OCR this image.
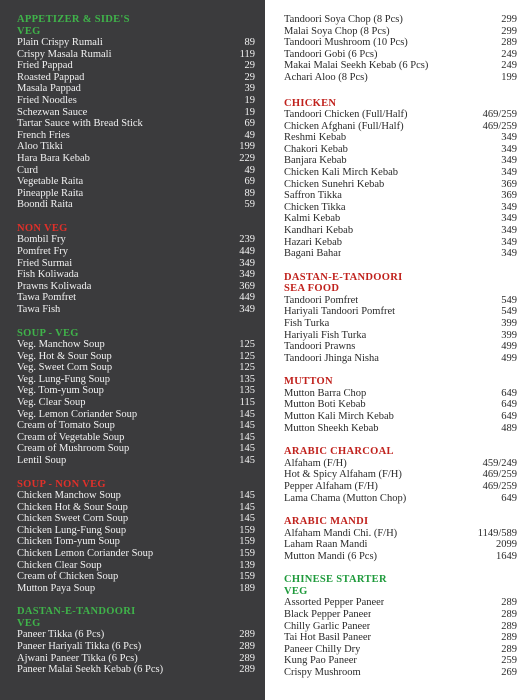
APPETIZER & SIDE'S
VEG
Plain Crispy Rumali	89
Crispy Masala Rumali	119
Fried Pappad	29
Roasted Pappad	29
Masala Pappad	39
Fried Noodles	19
Schezwan Sauce	19
Tartar Sauce with Bread Stick	69
French Fries	49
Aloo Tikki	199
Hara Bara Kebab	229
Curd	49
Vegetable Raita	69
Pineapple Raita	89
Boondi Raita	59
NON VEG
Bombil Fry	239
Pomfret Fry	449
Fried Surmai	349
Fish Koliwada	349
Prawns Koliwada	369
Tawa Pomfret	449
Tawa Fish	349
SOUP - VEG
Veg. Manchow Soup	125
Veg. Hot & Sour Soup	125
Veg. Sweet Corn Soup	125
Veg. Lung-Fung Soup	135
Veg. Tom-yum Soup	135
Veg. Clear Soup	115
Veg. Lemon Coriander Soup	145
Cream of Tomato Soup	145
Cream of Vegetable Soup	145
Cream of Mushroom Soup	145
Lentil Soup	145
SOUP - NON VEG
Chicken Manchow Soup	145
Chicken Hot & Sour Soup	145
Chicken Sweet Corn Soup	145
Chicken Lung-Fung Soup	159
Chicken Tom-yum Soup	159
Chicken Lemon Coriander Soup	159
Chicken Clear Soup	139
Cream of Chicken Soup	159
Mutton Paya Soup	189
DASTAN-E-TANDOORI
VEG
Paneer Tikka (6 Pcs)	289
Paneer Hariyali Tikka (6 Pcs)	289
Ajwani Paneer Tikka (6 Pcs)	289
Paneer Malai Seekh Kebab (6 Pcs)	289
Tandoori Soya Chop (8 Pcs)	299
Malai Soya Chop (8 Pcs)	299
Tandoori Mushroom (10 Pcs)	289
Tandoori Gobi (6 Pcs)	249
Makai Malai Seekh Kebab (6 Pcs)	249
Achari Aloo (8 Pcs)	199
CHICKEN
Tandoori Chicken (Full/Half)	469/259
Chicken Afghani (Full/Half)	469/259
Reshmi Kebab	349
Chakori Kebab	349
Banjara Kebab	349
Chicken Kali Mirch Kebab	349
Chicken Sunehri Kebab	369
Saffron Tikka	369
Chicken Tikka	349
Kalmi Kebab	349
Kandhari Kebab	349
Hazari Kebab	349
Bagani Bahar	349
DASTAN-E-TANDOORI
SEA FOOD
Tandoori Pomfret	549
Hariyali Tandoori Pomfret	549
Fish Turka	399
Hariyali Fish Turka	399
Tandoori Prawns	499
Tandoori Jhinga Nisha	499
MUTTON
Mutton Barra Chop	649
Mutton Boti Kebab	649
Mutton Kali Mirch Kebab	649
Mutton Sheekh Kebab	489
ARABIC CHARCOAL
Alfaham (F/H)	459/249
Hot & Spicy Alfaham (F/H)	469/259
Pepper Alfaham (F/H)	469/259
Lama Chama (Mutton Chop)	649
ARABIC MANDI
Alfaham Mandi Chi. (F/H)	1149/589
Laham Raan Mandi	2099
Mutton Mandi (6 Pcs)	1649
CHINESE STARTER
VEG
Assorted Pepper Paneer	289
Black Pepper Paneer	289
Chilly Garlic Paneer	289
Tai Hot Basil Paneer	289
Paneer Chilly Dry	289
Kung Pao Paneer	259
Crispy Mushroom	269
